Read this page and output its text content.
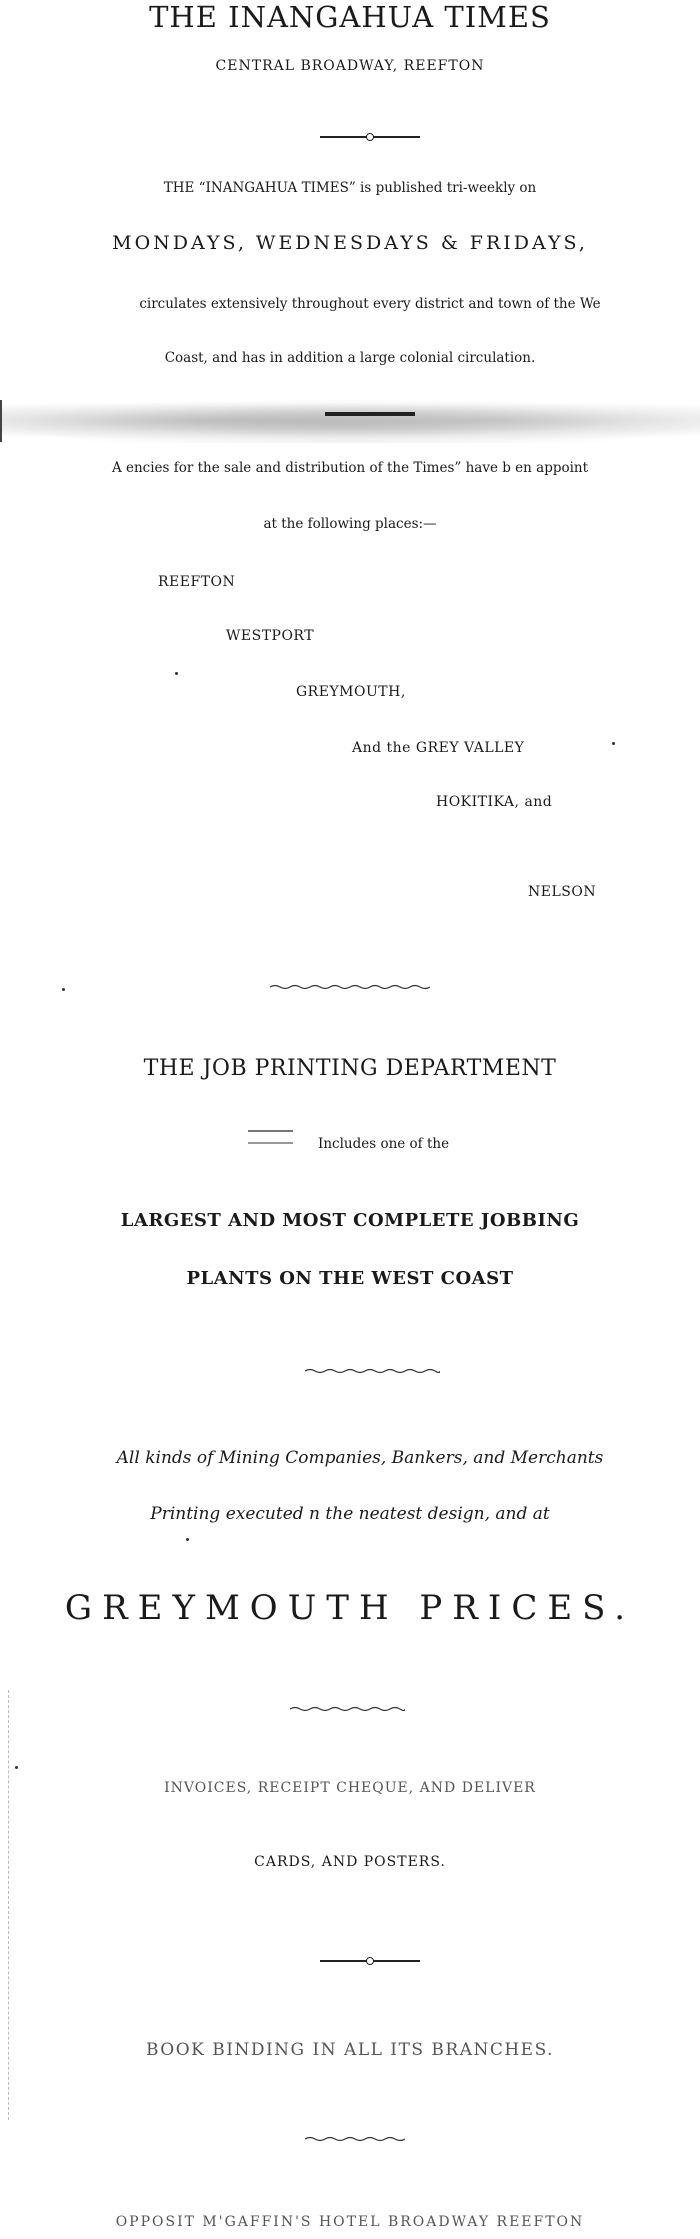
THE INANGAHUA TIMES

CENTRAL BROADWAY, REEFTON

THE “INANGAHUA TIMES” is published tri-weekly on

MONDAYS, WEDNESDAYS & FRIDAYS,

circulates extensively throughout every district and town of the We

Coast, and has in addition a large colonial circulation.

A encies for the sale and distribution of the Times” have b en appoint

at the following places:—

REEFTON

WESTPORT

GREYMOUTH,

And the GREY VALLEY

HOKITIKA, and

NELSON

THE JOB PRINTING DEPARTMENT

Includes one of the

LARGEST AND MOST COMPLETE JOBBING

PLANTS ON THE WEST COAST

All kinds of Mining Companies, Bankers, and Merchants

Printing executed n the neatest design, and at

GREYMOUTH PRICES.

INVOICES, RECEIPT CHEQUE, AND DELIVER

CARDS, AND POSTERS.

BOOK BINDING IN ALL ITS BRANCHES.

OPPOSIT M'GAFFIN'S HOTEL BROADWAY REEFTON
